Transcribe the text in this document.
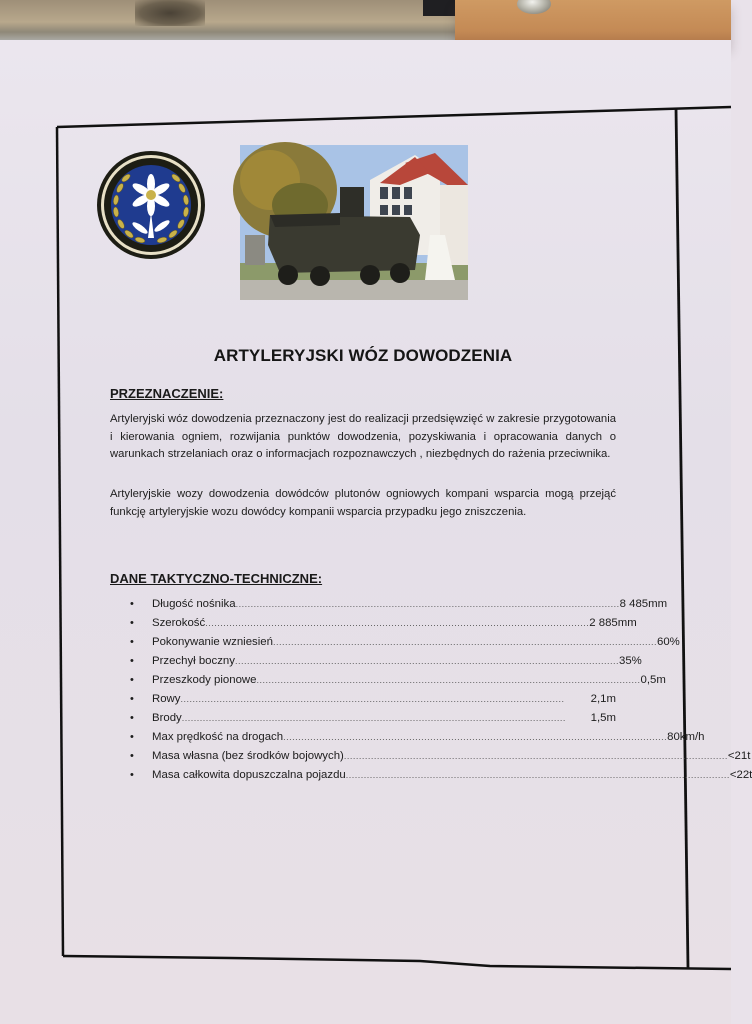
ARTYLERYJSKI WÓZ DOWODZENIA
PRZEZNACZENIE:
Artyleryjski wóz dowodzenia przeznaczony jest do realizacji przedsięwzięć w zakresie przygotowania i kierowania ogniem, rozwijania punktów dowodzenia, pozyskiwania i opracowania danych o warunkach strzelaniach oraz o informacjach rozpoznawczych , niezbędnych do rażenia przeciwnika.
Artyleryjskie wozy dowodzenia dowódców plutonów ogniowych kompani wsparcia mogą przejąć funkcję artyleryjskie wozu dowódcy kompanii wsparcia przypadku jego zniszczenia.
DANE TAKTYCZNO-TECHNICZNE:
•	Długość nośnika ................................................................................................................................ 8 485mm
•	Szerokość ................................................................................................................................ 2 885mm
•	Pokonywanie wzniesień ................................................................................................................................ 60%
•	Przechył boczny ................................................................................................................................ 35%
•	Przeszkody pionowe ................................................................................................................................ 0,5m
•	Rowy ................................................................................................................................	2,1m
•	Brody ................................................................................................................................	1,5m
•	Max prędkość na drogach ................................................................................................................................ 80km/h
•	Masa własna (bez środków bojowych) ................................................................................................................................ <21t
•	Masa całkowita dopuszczalna pojazdu ................................................................................................................................ <22t
